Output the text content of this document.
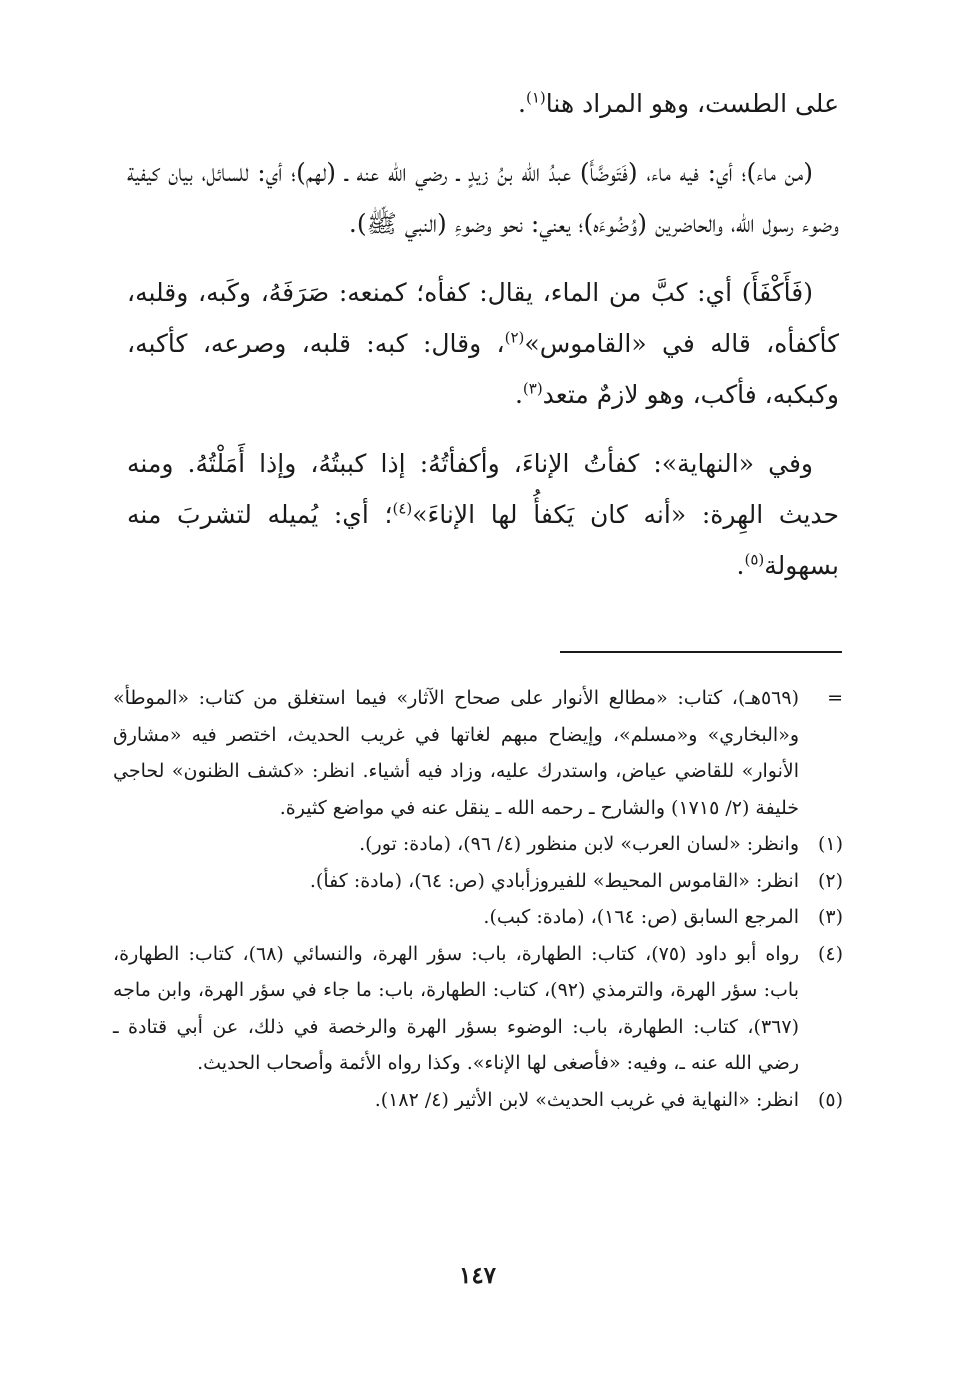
على الطست، وهو المراد هنا$^{(١)}$.

(من ماء)؛ أي: فيه ماء، (فَتَوضَّأَ) عبدُ الله بنُ زيدٍ ـ رضي الله عنه ـ (لهم)؛ أي: للسائل، بيان كيفية وضوء رسول الله، والحاضرين (وُضُوءَه)؛ يعني: نحو وضوءِ (النبي ﷺ).

(فَأَكْفَأَ) أي: كبَّ من الماء، يقال: كفأه؛ كمنعه: صَرَفَهُ، وكَبه، وقلبه، كأكفأه، قاله في «القاموس»$^{(٢)}$، وقال: كبه: قلبه، وصرعه، كأكبه، وكبكبه، فأكب، وهو لازمٌ متعد$^{(٣)}$.

وفي «النهاية»: كفأتُ الإناءَ، وأكفأتُهُ: إذا كببتُهُ، وإذا أَمَلْتُهُ. ومنه حديث الهِرة: «أنه كان يَكفأُ لها الإناءَ»$^{(٤)}$؛ أي: يُميله لتشربَ منه بسهولة$^{(٥)}$.

=
(٥٦٩هـ)، كتاب: «مطالع الأنوار على صحاح الآثار» فيما استغلق من كتاب: «الموطأ» و«البخاري» و«مسلم»، وإيضاح مبهم لغاتها في غريب الحديث، اختصر فيه «مشارق الأنوار» للقاضي عياض، واستدرك عليه، وزاد فيه أشياء. انظر: «كشف الظنون» لحاجي خليفة (٢/ ١٧١٥) والشارح ـ رحمه الله ـ ينقل عنه في مواضع كثيرة.
(١)
وانظر: «لسان العرب» لابن منظور (٤/ ٩٦)، (مادة: تور).
(٢)
انظر: «القاموس المحيط» للفيروزأبادي (ص: ٦٤)، (مادة: كفأ).
(٣)
المرجع السابق (ص: ١٦٤)، (مادة: كبب).
(٤)
رواه أبو داود (٧٥)، كتاب: الطهارة، باب: سؤر الهرة، والنسائي (٦٨)، كتاب: الطهارة، باب: سؤر الهرة، والترمذي (٩٢)، كتاب: الطهارة، باب: ما جاء في سؤر الهرة، وابن ماجه (٣٦٧)، كتاب: الطهارة، باب: الوضوء بسؤر الهرة والرخصة في ذلك، عن أبي قتادة ـ رضي الله عنه ـ، وفيه: «فأصغى لها الإناء». وكذا رواه الأئمة وأصحاب الحديث.
(٥)
انظر: «النهاية في غريب الحديث» لابن الأثير (٤/ ١٨٢).
١٤٧
